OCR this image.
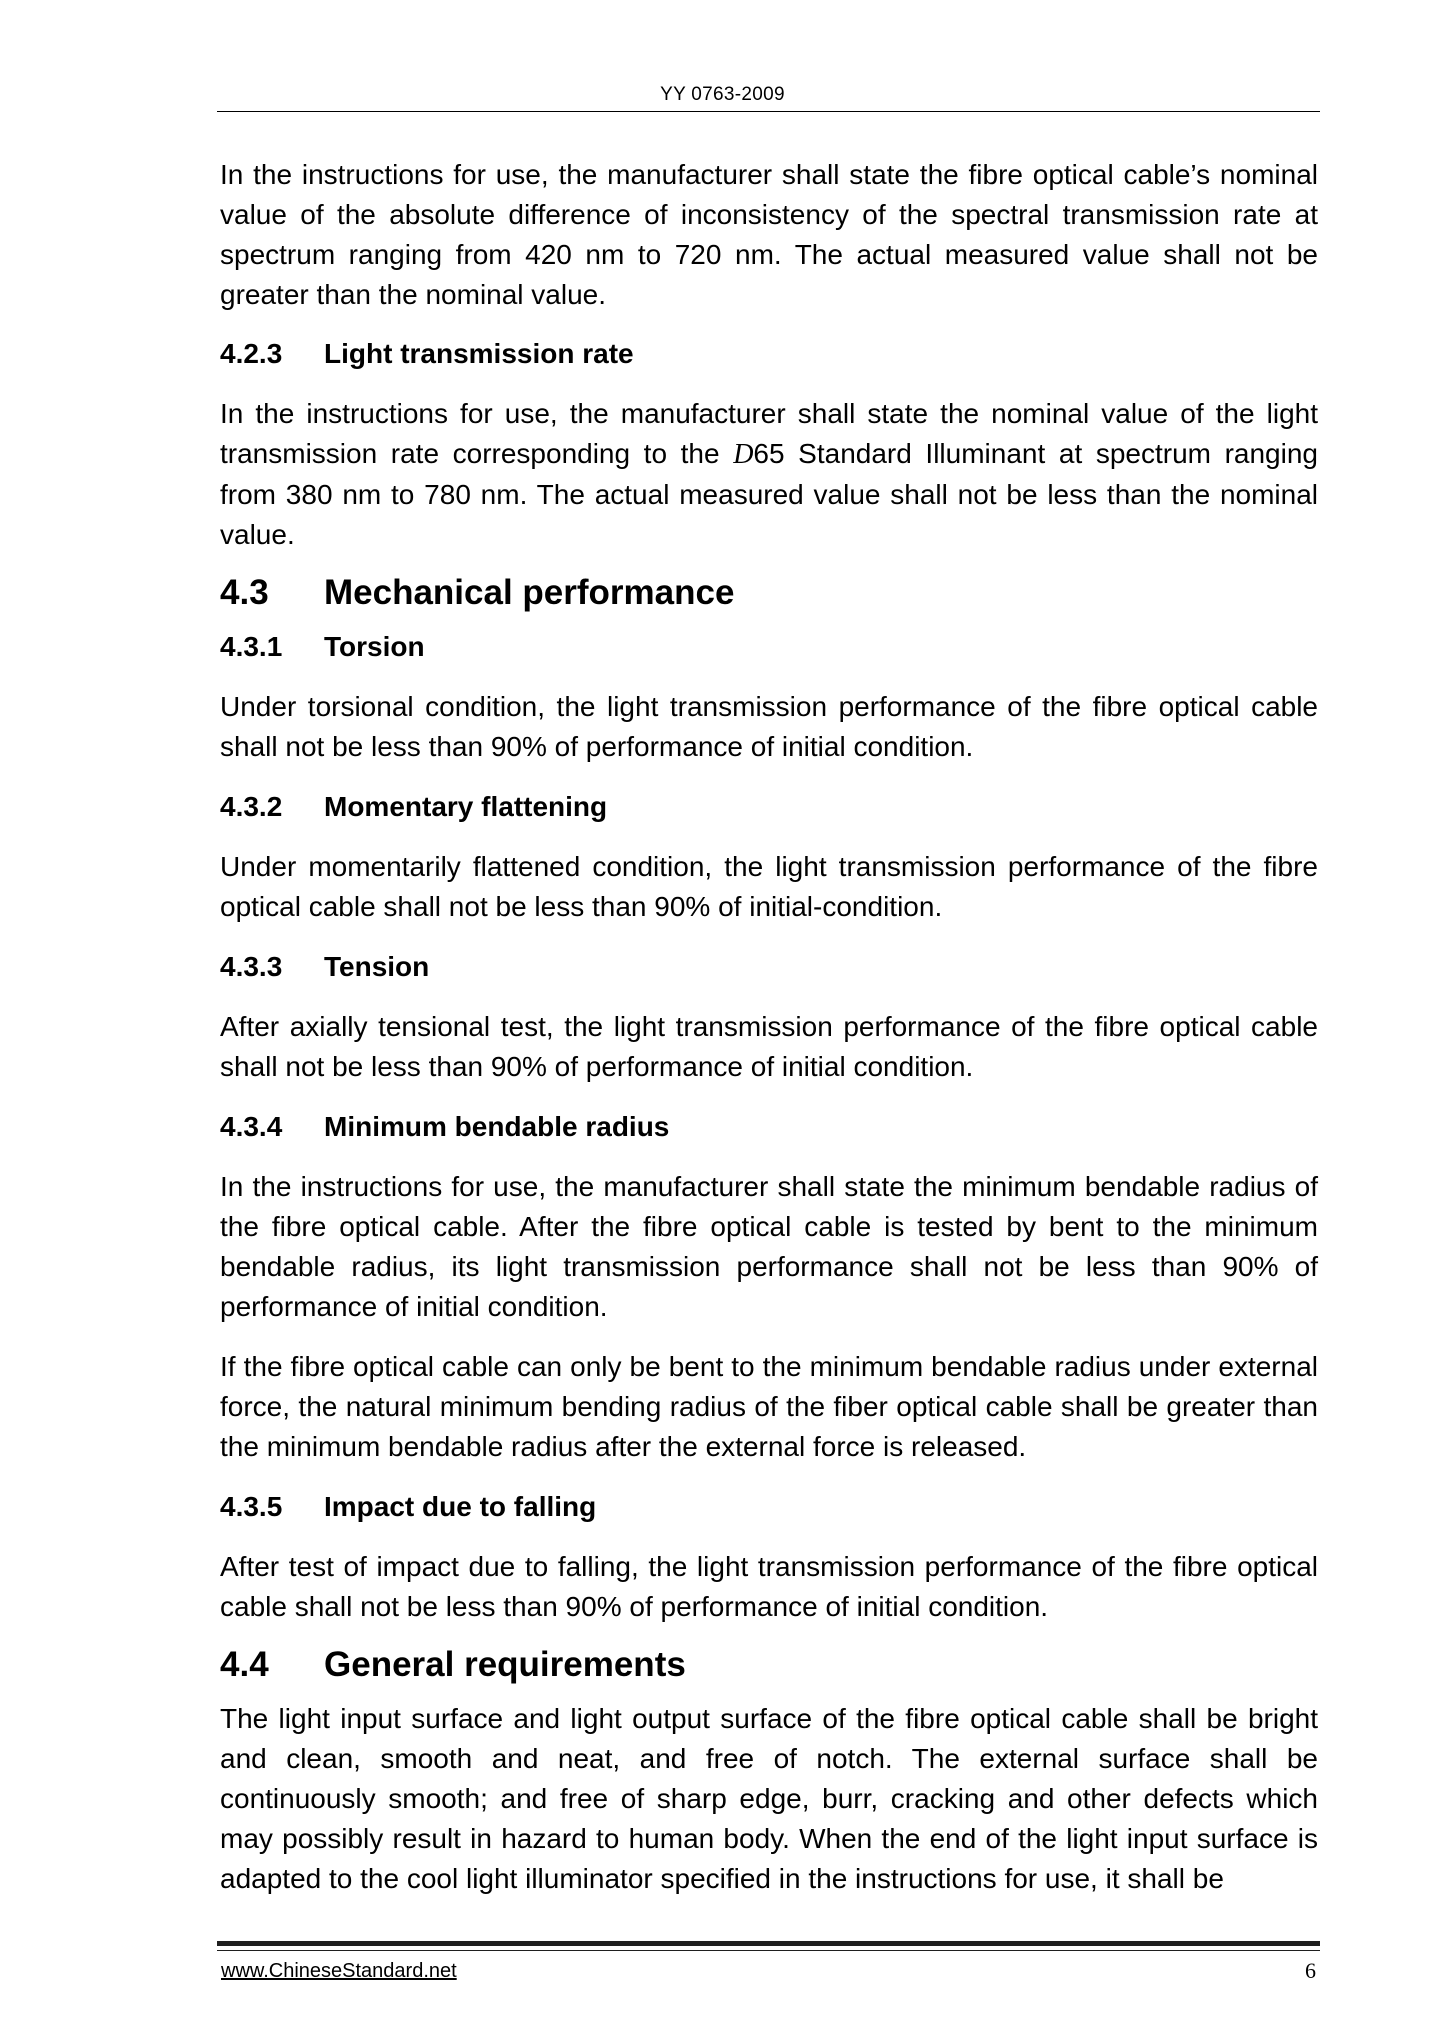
YY 0763-2009

In the instructions for use, the manufacturer shall state the fibre optical cable’s nominal value of the absolute difference of inconsistency of the spectral transmission rate at spectrum ranging from 420 nm to 720 nm. The actual measured value shall not be greater than the nominal value.

4.2.3	Light transmission rate

In the instructions for use, the manufacturer shall state the nominal value of the light transmission rate corresponding to the D65 Standard Illuminant at spectrum ranging from 380 nm to 780 nm. The actual measured value shall not be less than the nominal value.

4.3	Mechanical performance
4.3.1	Torsion

Under torsional condition, the light transmission performance of the fibre optical cable shall not be less than 90% of performance of initial condition.

4.3.2	Momentary flattening

Under momentarily flattened condition, the light transmission performance of the fibre optical cable shall not be less than 90% of initial-condition.

4.3.3	Tension

After axially tensional test, the light transmission performance of the fibre optical cable shall not be less than 90% of performance of initial condition.

4.3.4	Minimum bendable radius

In the instructions for use, the manufacturer shall state the minimum bendable radius of the fibre optical cable. After the fibre optical cable is tested by bent to the minimum bendable radius, its light transmission performance shall not be less than 90% of performance of initial condition.

If the fibre optical cable can only be bent to the minimum bendable radius under external force, the natural minimum bending radius of the fiber optical cable shall be greater than the minimum bendable radius after the external force is released.

4.3.5	Impact due to falling

After test of impact due to falling, the light transmission performance of the fibre optical cable shall not be less than 90% of performance of initial condition.

4.4	General requirements

The light input surface and light output surface of the fibre optical cable shall be bright and clean, smooth and neat, and free of notch. The external surface shall be continuously smooth; and free of sharp edge, burr, cracking and other defects which may possibly result in hazard to human body. When the end of the light input surface is adapted to the cool light illuminator specified in the instructions for use, it shall be

www.ChineseStandard.net	6
